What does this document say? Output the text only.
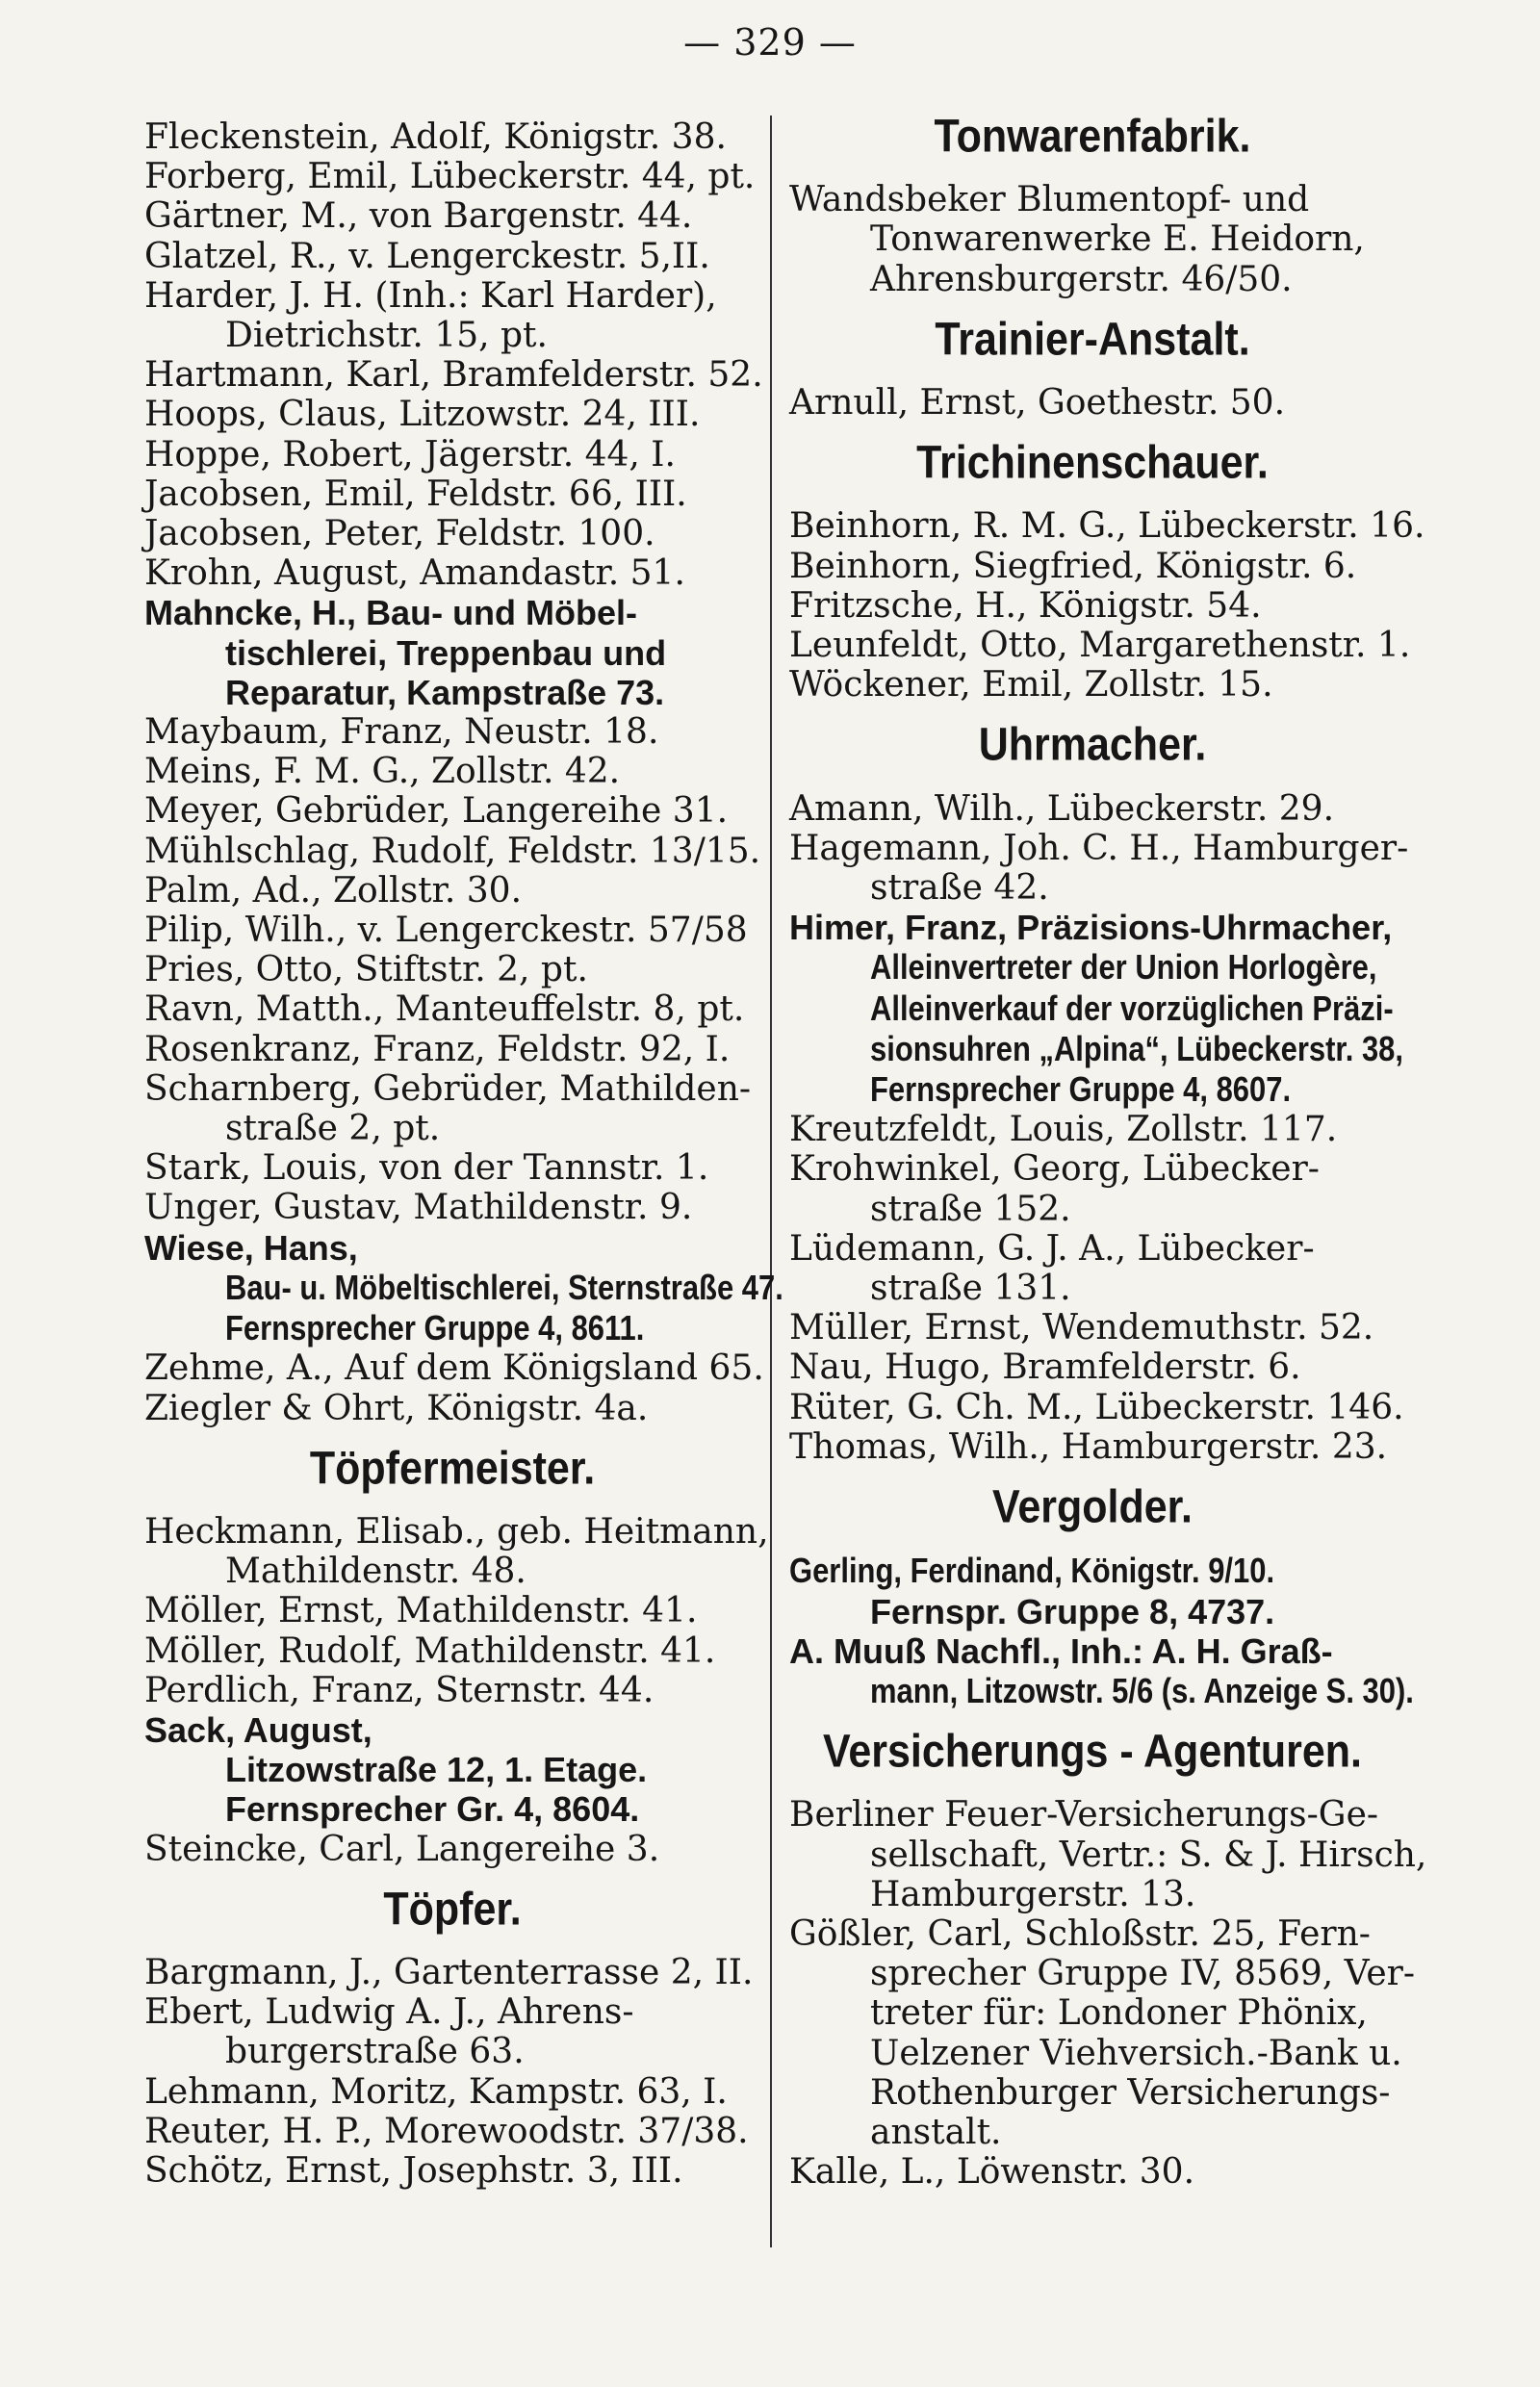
— 329 —
Fleckenstein, Adolf, Königstr. 38.
Forberg, Emil, Lübeckerstr. 44, pt.
Gärtner, M., von Bargenstr. 44.
Glatzel, R., v. Lengerckestr. 5,II.
Harder, J. H. (Inh.: Karl Harder),
Dietrichstr. 15, pt.
Hartmann, Karl, Bramfelderstr. 52.
Hoops, Claus, Litzowstr. 24, III.
Hoppe, Robert, Jägerstr. 44, I.
Jacobsen, Emil, Feldstr. 66, III.
Jacobsen, Peter, Feldstr. 100.
Krohn, August, Amandastr. 51.
Mahncke, H., Bau- und Möbel-
tischlerei, Treppenbau und
Reparatur, Kampstraße 73.
Maybaum, Franz, Neustr. 18.
Meins, F. M. G., Zollstr. 42.
Meyer, Gebrüder, Langereihe 31.
Mühlschlag, Rudolf, Feldstr. 13/15.
Palm, Ad., Zollstr. 30.
Pilip, Wilh., v. Lengerckestr. 57/58
Pries, Otto, Stiftstr. 2, pt.
Ravn, Matth., Manteuffelstr. 8, pt.
Rosenkranz, Franz, Feldstr. 92, I.
Scharnberg, Gebrüder, Mathilden-
straße 2, pt.
Stark, Louis, von der Tannstr. 1.
Unger, Gustav, Mathildenstr. 9.
Wiese, Hans,
Bau- u. Möbeltischlerei, Sternstraße 47.
Fernsprecher Gruppe 4, 8611.
Zehme, A., Auf dem Königsland 65.
Ziegler & Ohrt, Königstr. 4a.
Töpfermeister.
Heckmann, Elisab., geb. Heitmann,
Mathildenstr. 48.
Möller, Ernst, Mathildenstr. 41.
Möller, Rudolf, Mathildenstr. 41.
Perdlich, Franz, Sternstr. 44.
Sack, August,
Litzowstraße 12, 1. Etage.
Fernsprecher Gr. 4, 8604.
Steincke, Carl, Langereihe 3.
Töpfer.
Bargmann, J., Gartenterrasse 2, II.
Ebert, Ludwig A. J., Ahrens-
burgerstraße 63.
Lehmann, Moritz, Kampstr. 63, I.
Reuter, H. P., Morewoodstr. 37/38.
Schötz, Ernst, Josephstr. 3, III.
Tonwarenfabrik.
Wandsbeker Blumentopf- und
Tonwarenwerke E. Heidorn,
Ahrensburgerstr. 46/50.
Trainier-Anstalt.
Arnull, Ernst, Goethestr. 50.
Trichinenschauer.
Beinhorn, R. M. G., Lübeckerstr. 16.
Beinhorn, Siegfried, Königstr. 6.
Fritzsche, H., Königstr. 54.
Leunfeldt, Otto, Margarethenstr. 1.
Wöckener, Emil, Zollstr. 15.
Uhrmacher.
Amann, Wilh., Lübeckerstr. 29.
Hagemann, Joh. C. H., Hamburger-
straße 42.
Himer, Franz, Präzisions-Uhrmacher,
Alleinvertreter der Union Horlogère,
Alleinverkauf der vorzüglichen Präzi-
sionsuhren „Alpina“, Lübeckerstr. 38,
Fernsprecher Gruppe 4, 8607.
Kreutzfeldt, Louis, Zollstr. 117.
Krohwinkel, Georg, Lübecker-
straße 152.
Lüdemann, G. J. A., Lübecker-
straße 131.
Müller, Ernst, Wendemuthstr. 52.
Nau, Hugo, Bramfelderstr. 6.
Rüter, G. Ch. M., Lübeckerstr. 146.
Thomas, Wilh., Hamburgerstr. 23.
Vergolder.
Gerling, Ferdinand, Königstr. 9/10.
Fernspr. Gruppe 8, 4737.
A. Muuß Nachfl., Inh.: A. H. Graß-
mann, Litzowstr. 5/6 (s. Anzeige S. 30).
Versicherungs - Agenturen.
Berliner Feuer-Versicherungs-Ge-
sellschaft, Vertr.: S. & J. Hirsch,
Hamburgerstr. 13.
Gößler, Carl, Schloßstr. 25, Fern-
sprecher Gruppe IV, 8569, Ver-
treter für: Londoner Phönix,
Uelzener Viehversich.-Bank u.
Rothenburger Versicherungs-
anstalt.
Kalle, L., Löwenstr. 30.
